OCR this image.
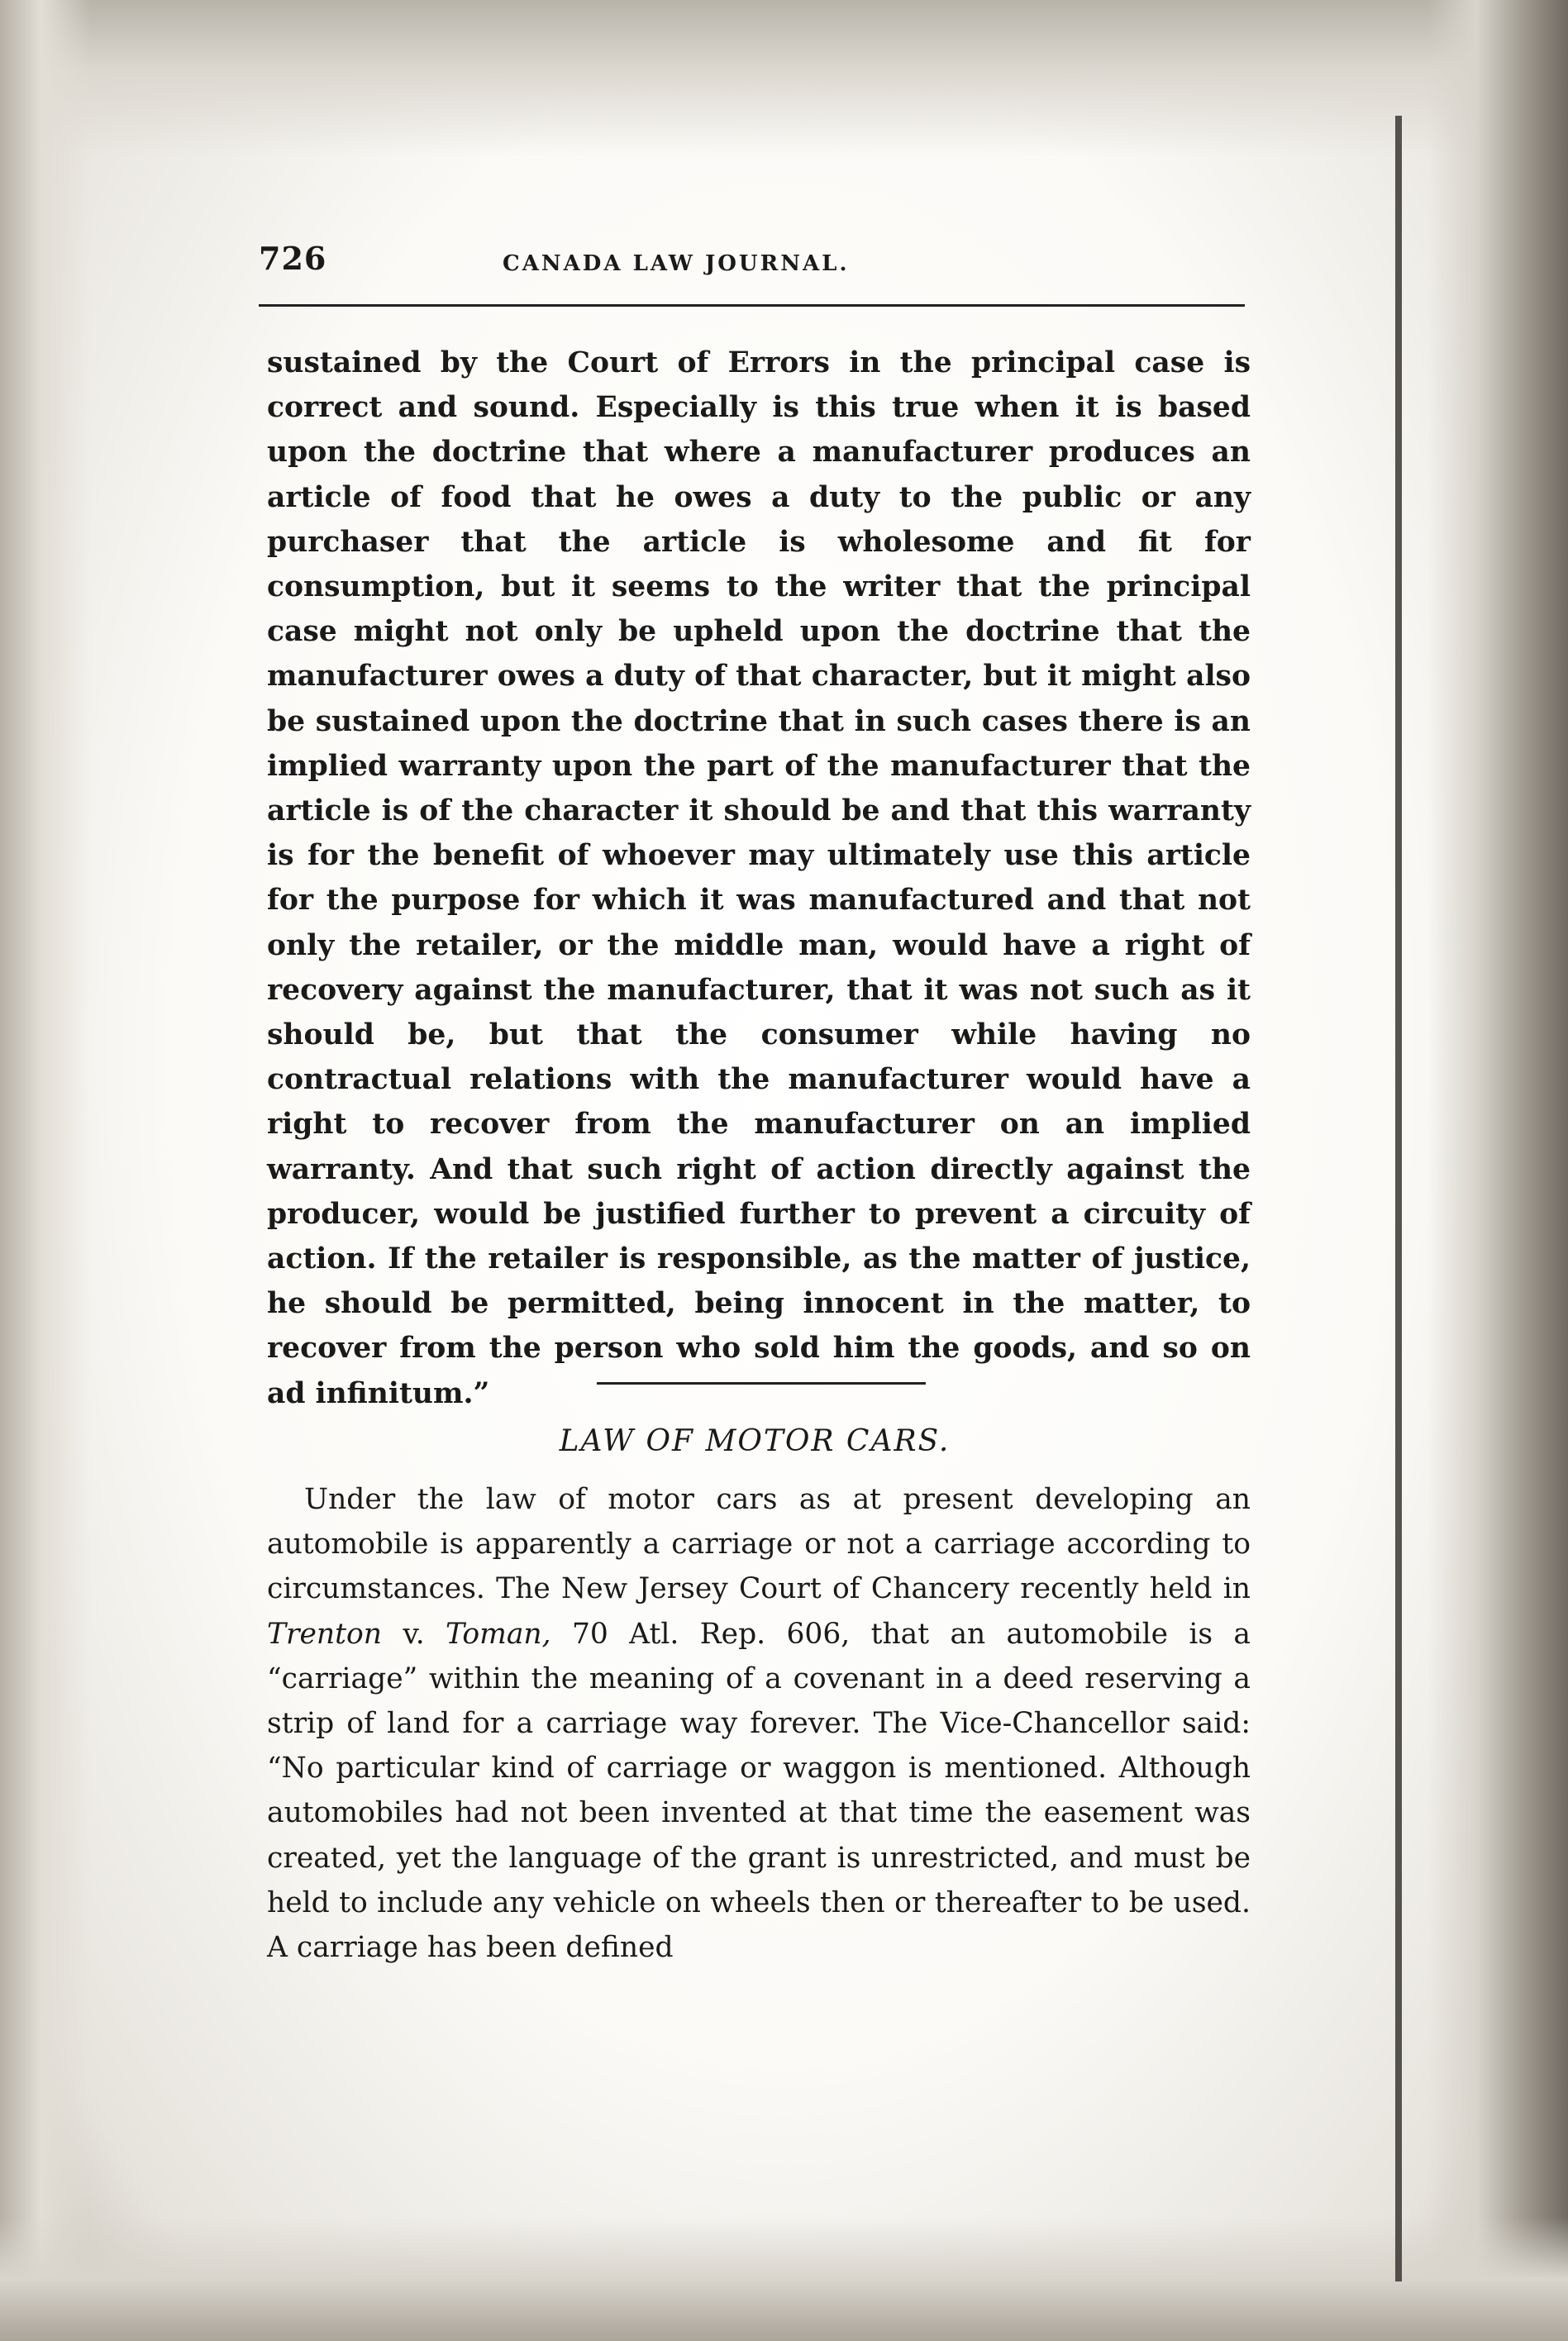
726	CANADA LAW JOURNAL.

sustained by the Court of Errors in the principal case is correct and sound. Especially is this true when it is based upon the doctrine that where a manufacturer produces an article of food that he owes a duty to the public or any purchaser that the article is wholesome and fit for consumption, but it seems to the writer that the principal case might not only be upheld upon the doctrine that the manufacturer owes a duty of that character, but it might also be sustained upon the doctrine that in such cases there is an implied warranty upon the part of the manufacturer that the article is of the character it should be and that this warranty is for the benefit of whoever may ultimately use this article for the purpose for which it was manufactured and that not only the retailer, or the middle man, would have a right of recovery against the manufacturer, that it was not such as it should be, but that the consumer while having no contractual relations with the manufacturer would have a right to recover from the manufacturer on an implied warranty. And that such right of action directly against the producer, would be justified further to prevent a circuity of action. If the retailer is responsible, as the matter of justice, he should be permitted, being innocent in the matter, to recover from the person who sold him the goods, and so on ad infinitum.”

LAW OF MOTOR CARS.

Under the law of motor cars as at present developing an automobile is apparently a carriage or not a carriage according to circumstances. The New Jersey Court of Chancery recently held in Trenton v. Toman, 70 Atl. Rep. 606, that an automobile is a “carriage” within the meaning of a covenant in a deed reserving a strip of land for a carriage way forever. The Vice-Chancellor said: “No particular kind of carriage or waggon is mentioned. Although automobiles had not been invented at that time the easement was created, yet the language of the grant is unrestricted, and must be held to include any vehicle on wheels then or thereafter to be used. A carriage has been defined
